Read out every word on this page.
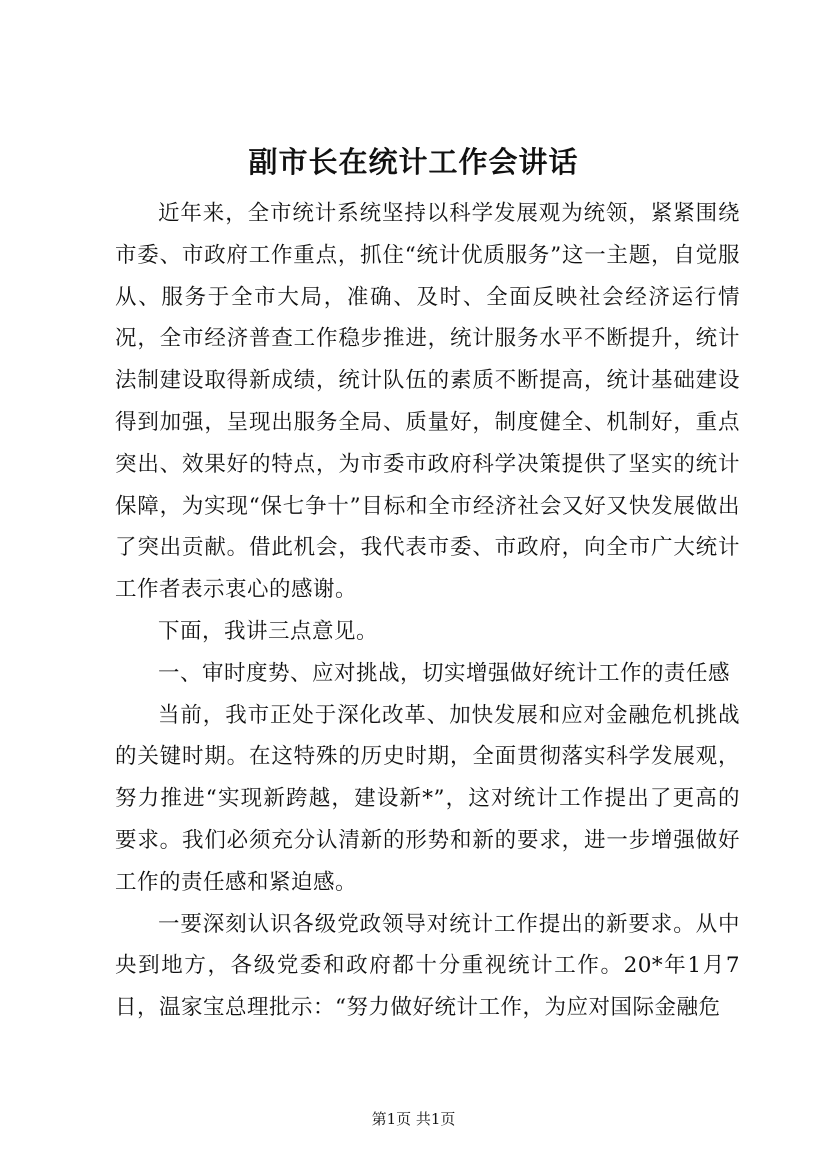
副市长在统计工作会讲话

近年来，全市统计系统坚持以科学发展观为统领，紧紧围绕市委、市政府工作重点，抓住“统计优质服务”这一主题，自觉服从、服务于全市大局，准确、及时、全面反映社会经济运行情况，全市经济普查工作稳步推进，统计服务水平不断提升，统计法制建设取得新成绩，统计队伍的素质不断提高，统计基础建设得到加强，呈现出服务全局、质量好，制度健全、机制好，重点突出、效果好的特点，为市委市政府科学决策提供了坚实的统计保障，为实现“保七争十”目标和全市经济社会又好又快发展做出了突出贡献。借此机会，我代表市委、市政府，向全市广大统计工作者表示衷心的感谢。

下面，我讲三点意见。

一、审时度势、应对挑战，切实增强做好统计工作的责任感

当前，我市正处于深化改革、加快发展和应对金融危机挑战的关键时期。在这特殊的历史时期，全面贯彻落实科学发展观，努力推进“实现新跨越，建设新*”，这对统计工作提出了更高的要求。我们必须充分认清新的形势和新的要求，进一步增强做好工作的责任感和紧迫感。

一要深刻认识各级党政领导对统计工作提出的新要求。从中央到地方，各级党委和政府都十分重视统计工作。20*年1月7日，温家宝总理批示：“努力做好统计工作，为应对国际金融危

第1页 共1页
